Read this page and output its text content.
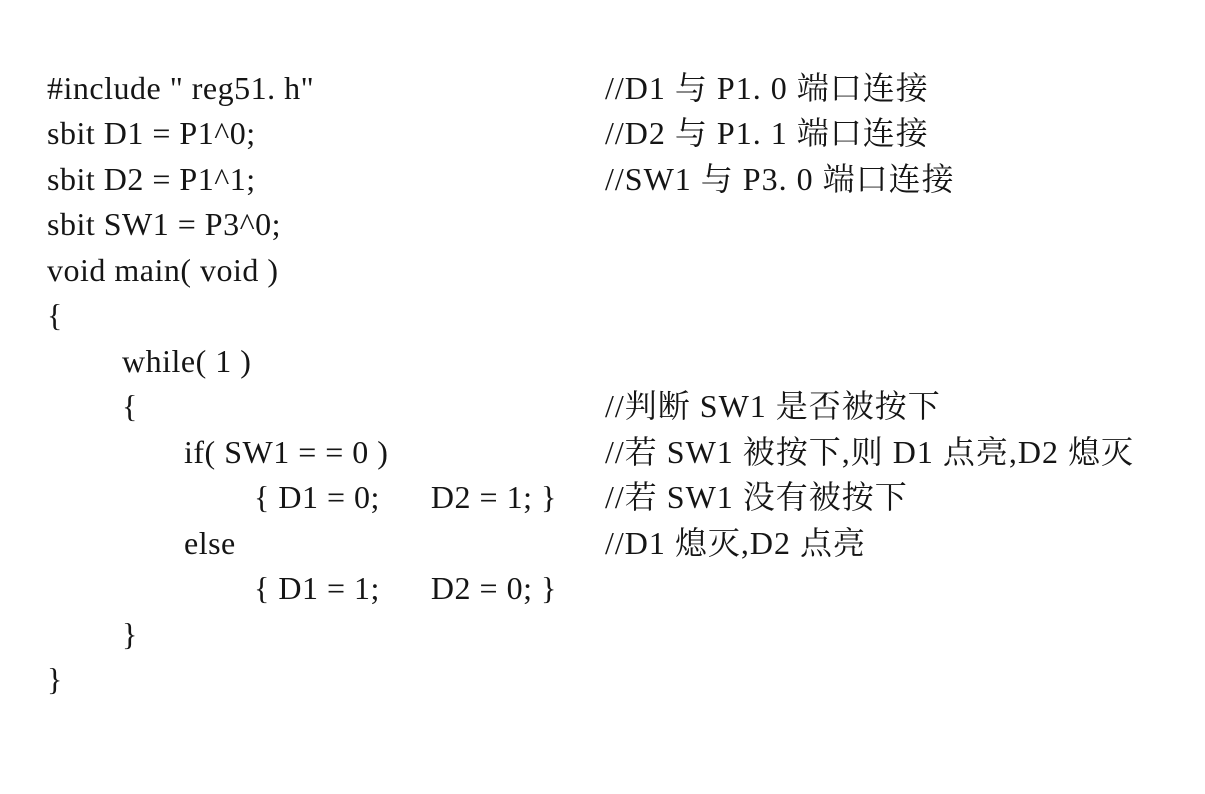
#include " reg51. h"

sbit D1 = P1^0;

//D1 与 P1. 0 端口连接

sbit D2 = P1^1;

//D2 与 P1. 1 端口连接

sbit SW1 = P3^0;

//SW1 与 P3. 0 端口连接

void main( void )

{

while( 1 )

{

if( SW1 = = 0 )

//判断 SW1 是否被按下

{ D1 = 0;      D2 = 1; }

//若 SW1 被按下,则 D1 点亮,D2 熄灭

else

//若 SW1 没有被按下

{ D1 = 1;      D2 = 0; }

//D1 熄灭,D2 点亮

}

}
